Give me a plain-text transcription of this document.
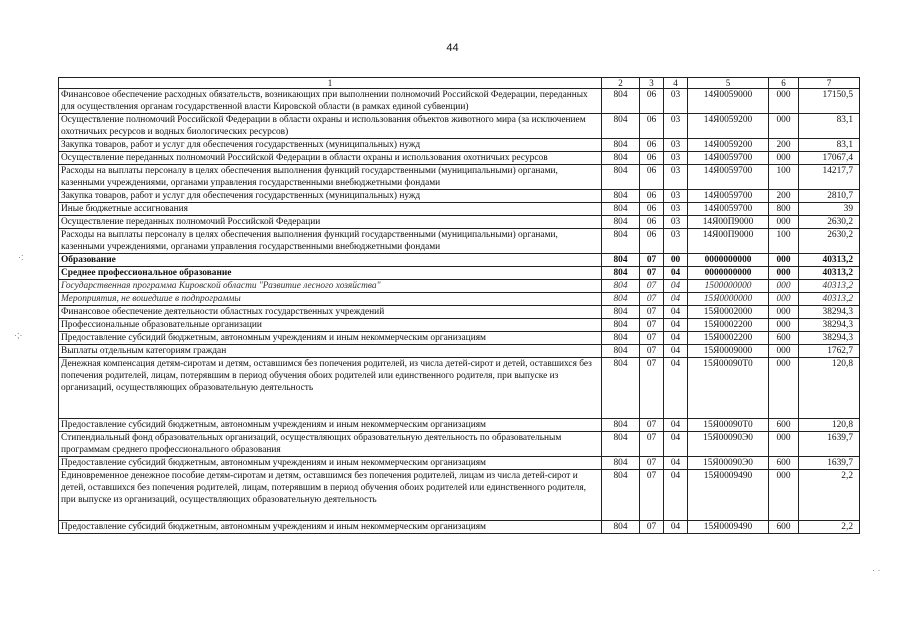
44
1	2	3	4	5	6	7
Финансовое обеспечение расходных обязательств, возникающих при выполнении полномочий Российской Федерации, переданных для осуществления органам государственной власти Кировской области (в рамках единой субвенции)	804	06	03	14Я0059000	000	17150,5
Осуществление полномочий Российской Федерации в области охраны и использования объектов животного мира (за исключением охотничьих ресурсов и водных биологических ресурсов)	804	06	03	14Я0059200	000	83,1
Закупка товаров, работ и услуг для обеспечения государственных (муниципальных) нужд	804	06	03	14Я0059200	200	83,1
Осуществление переданных полномочий Российской Федерации в области охраны и использования охотничьих ресурсов	804	06	03	14Я0059700	000	17067,4
Расходы на выплаты персоналу в целях обеспечения выполнения функций государственными (муниципальными) органами, казенными учреждениями, органами управления государственными внебюджетными фондами	804	06	03	14Я0059700	100	14217,7
Закупка товаров, работ и услуг для обеспечения государственных (муниципальных) нужд	804	06	03	14Я0059700	200	2810,7
Иные бюджетные ассигнования	804	06	03	14Я0059700	800	39
Осуществление переданных полномочий Российской Федерации	804	06	03	14Я00П9000	000	2630,2
Расходы на выплаты персоналу в целях обеспечения выполнения функций государственными (муниципальными) органами, казенными учреждениями, органами управления государственными внебюджетными фондами	804	06	03	14Я00П9000	100	2630,2
Образование	804	07	00	0000000000	000	40313,2
Среднее профессиональное образование	804	07	04	0000000000	000	40313,2
Государственная программа Кировской области "Развитие лесного хозяйства"	804	07	04	1500000000	000	40313,2
Мероприятия, не вошедшие в подпрограммы	804	07	04	15Я0000000	000	40313,2
Финансовое обеспечение деятельности областных государственных учреждений	804	07	04	15Я0002000	000	38294,3
Профессиональные образовательные организации	804	07	04	15Я0002200	000	38294,3
Предоставление субсидий бюджетным, автономным учреждениям и иным некоммерческим организациям	804	07	04	15Я0002200	600	38294,3
Выплаты отдельным категориям граждан	804	07	04	15Я0009000	000	1762,7
Денежная компенсация детям-сиротам и детям, оставшимся без попечения родителей, из числа детей-сирот и детей, оставшихся без попечения родителей, лицам, потерявшим в период обучения обоих родителей или единственного родителя, при выпуске из организаций, осуществляющих образовательную деятельность	804	07	04	15Я00090Т0	000	120,8
Предоставление субсидий бюджетным, автономным учреждениям и иным некоммерческим организациям	804	07	04	15Я00090Т0	600	120,8
Стипендиальный фонд образовательных организаций, осуществляющих образовательную деятельность по образовательным программам среднего профессионального образования	804	07	04	15Я00090Э0	000	1639,7
Предоставление субсидий бюджетным, автономным учреждениям и иным некоммерческим организациям	804	07	04	15Я00090Э0	600	1639,7
Единовременное денежное пособие детям-сиротам и детям, оставшимся без попечения родителей, лицам из числа детей-сирот и детей, оставшихся без попечения родителей, лицам, потерявшим в период обучения обоих родителей или единственного родителя, при выпуске из организаций, осуществляющих образовательную деятельность	804	07	04	15Я0009490	000	2,2
Предоставление субсидий бюджетным, автономным учреждениям и иным некоммерческим организациям	804	07	04	15Я0009490	600	2,2
·:
·;·
· ·
